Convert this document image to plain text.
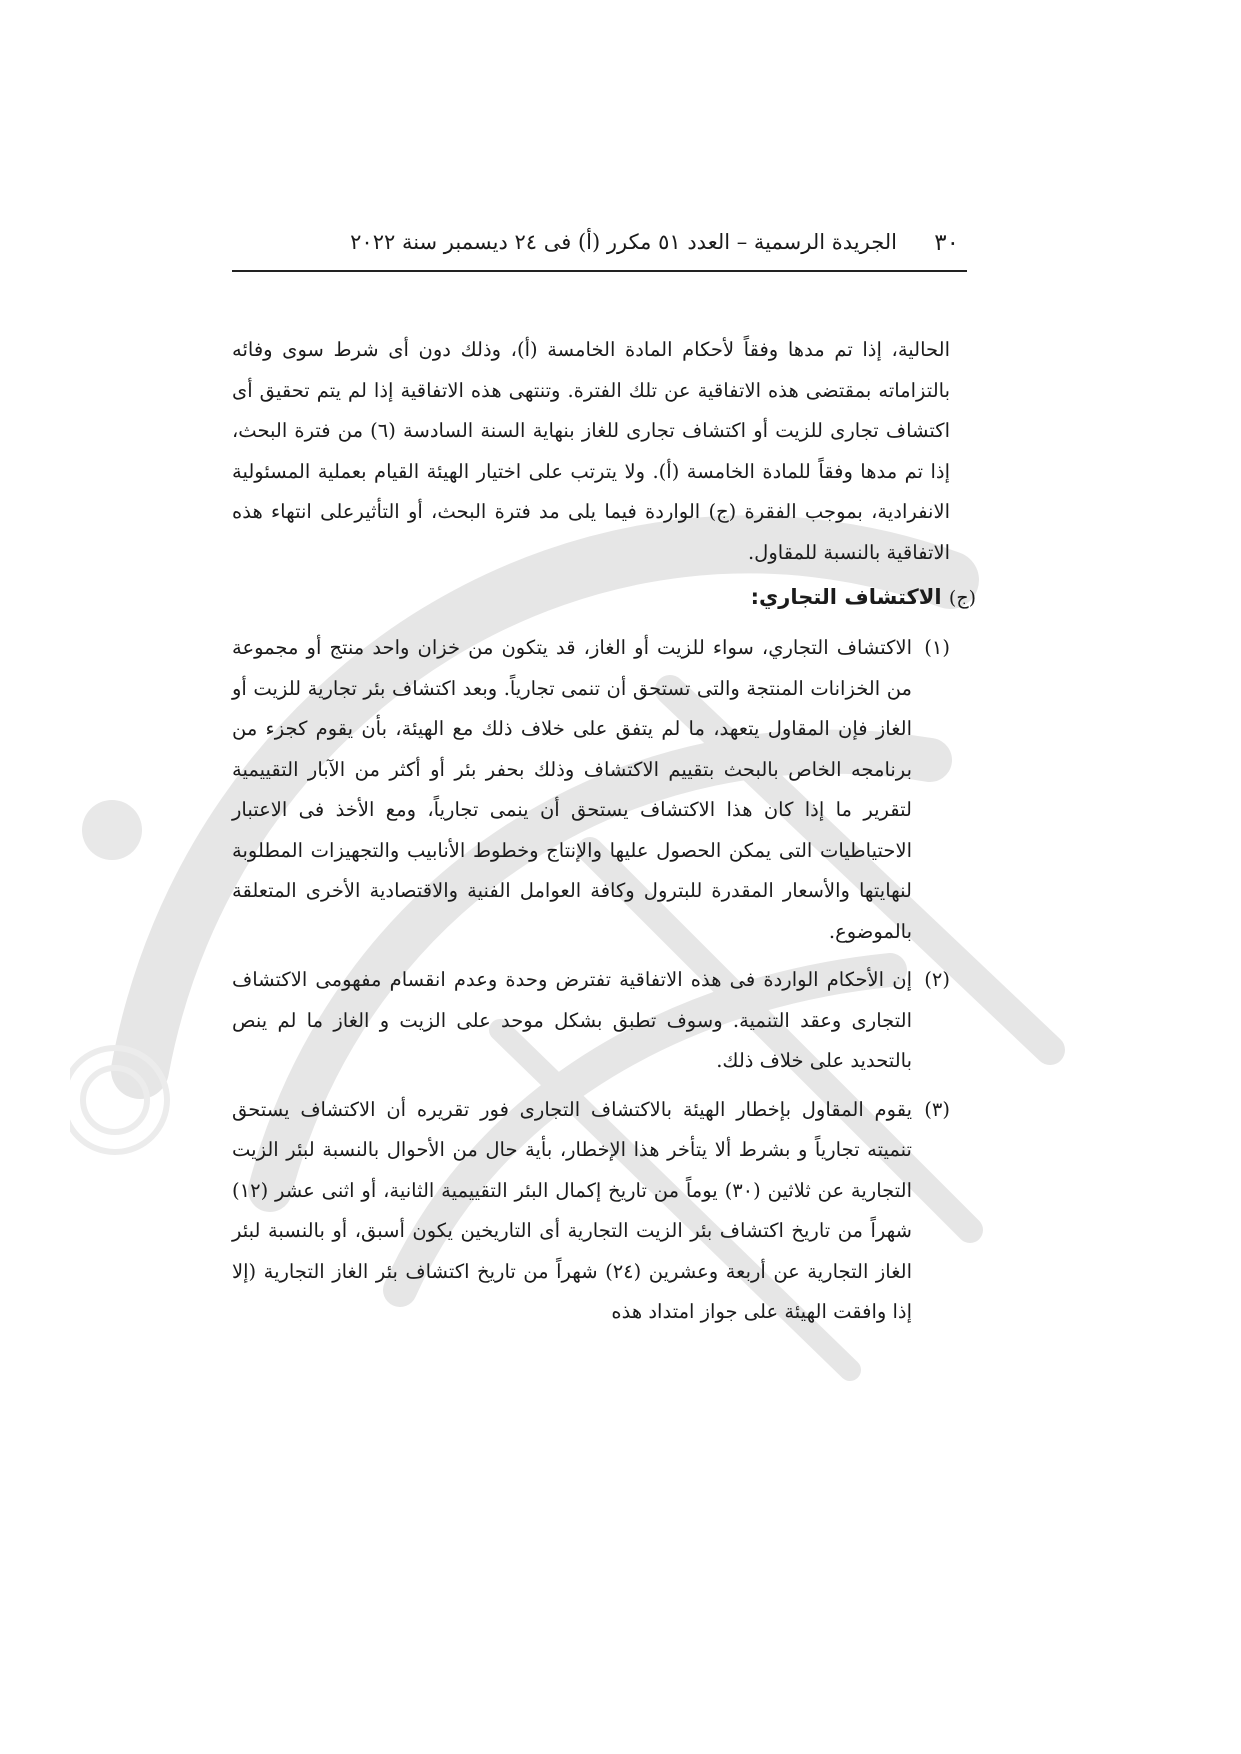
٣٠
الجريدة الرسمية – العدد ٥١ مكرر (أ) فى ٢٤ ديسمبر سنة ٢٠٢٢

الحالية، إذا تم مدها وفقاً لأحكام المادة الخامسة (أ)، وذلك دون أى شرط سوى وفائه بالتزاماته بمقتضى هذه الاتفاقية عن تلك الفترة. وتنتهى هذه الاتفاقية إذا لم يتم تحقيق أى اكتشاف تجارى للزيت أو اكتشاف تجارى للغاز بنهاية السنة السادسة (٦) من فترة البحث، إذا تم مدها وفقاً للمادة الخامسة (أ). ولا يترتب على اختيار الهيئة القيام بعملية المسئولية الانفرادية، بموجب الفقرة (ج) الواردة فيما يلى مد فترة البحث، أو التأثيرعلى انتهاء هذه الاتفاقية بالنسبة للمقاول.

(ج) الاكتشاف التجاري:
(١)

الاكتشاف التجاري، سواء للزيت أو الغاز، قد يتكون من خزان واحد منتج أو مجموعة من الخزانات المنتجة والتى تستحق أن تنمى تجارياً. وبعد اكتشاف بئر تجارية للزيت أو الغاز فإن المقاول يتعهد، ما لم يتفق على خلاف ذلك مع الهيئة، بأن يقوم كجزء من برنامجه الخاص بالبحث بتقييم الاكتشاف وذلك بحفر بئر أو أكثر من الآبار التقييمية لتقرير ما إذا كان هذا الاكتشاف يستحق أن ينمى تجارياً، ومع الأخذ فى الاعتبار الاحتياطيات التى يمكن الحصول عليها والإنتاج وخطوط الأنابيب والتجهيزات المطلوبة لنهايتها والأسعار المقدرة للبترول وكافة العوامل الفنية والاقتصادية الأخرى المتعلقة بالموضوع.

(٢)

إن الأحكام الواردة فى هذه الاتفاقية تفترض وحدة وعدم انقسام مفهومى الاكتشاف التجارى وعقد التنمية. وسوف تطبق بشكل موحد على الزيت و الغاز ما لم ينص بالتحديد على خلاف ذلك.

(٣)

يقوم المقاول بإخطار الهيئة بالاكتشاف التجارى فور تقريره أن الاكتشاف يستحق تنميته تجارياً و بشرط ألا يتأخر هذا الإخطار، بأية حال من الأحوال بالنسبة لبئر الزيت التجارية عن ثلاثين (٣٠) يوماً من تاريخ إكمال البئر التقييمية الثانية، أو اثنى عشر (١٢) شهراً من تاريخ اكتشاف بئر الزيت التجارية أى التاريخين يكون أسبق، أو بالنسبة لبئر الغاز التجارية عن أربعة وعشرين (٢٤) شهراً من تاريخ اكتشاف بئر الغاز التجارية (إلا إذا وافقت الهيئة على جواز امتداد هذه
